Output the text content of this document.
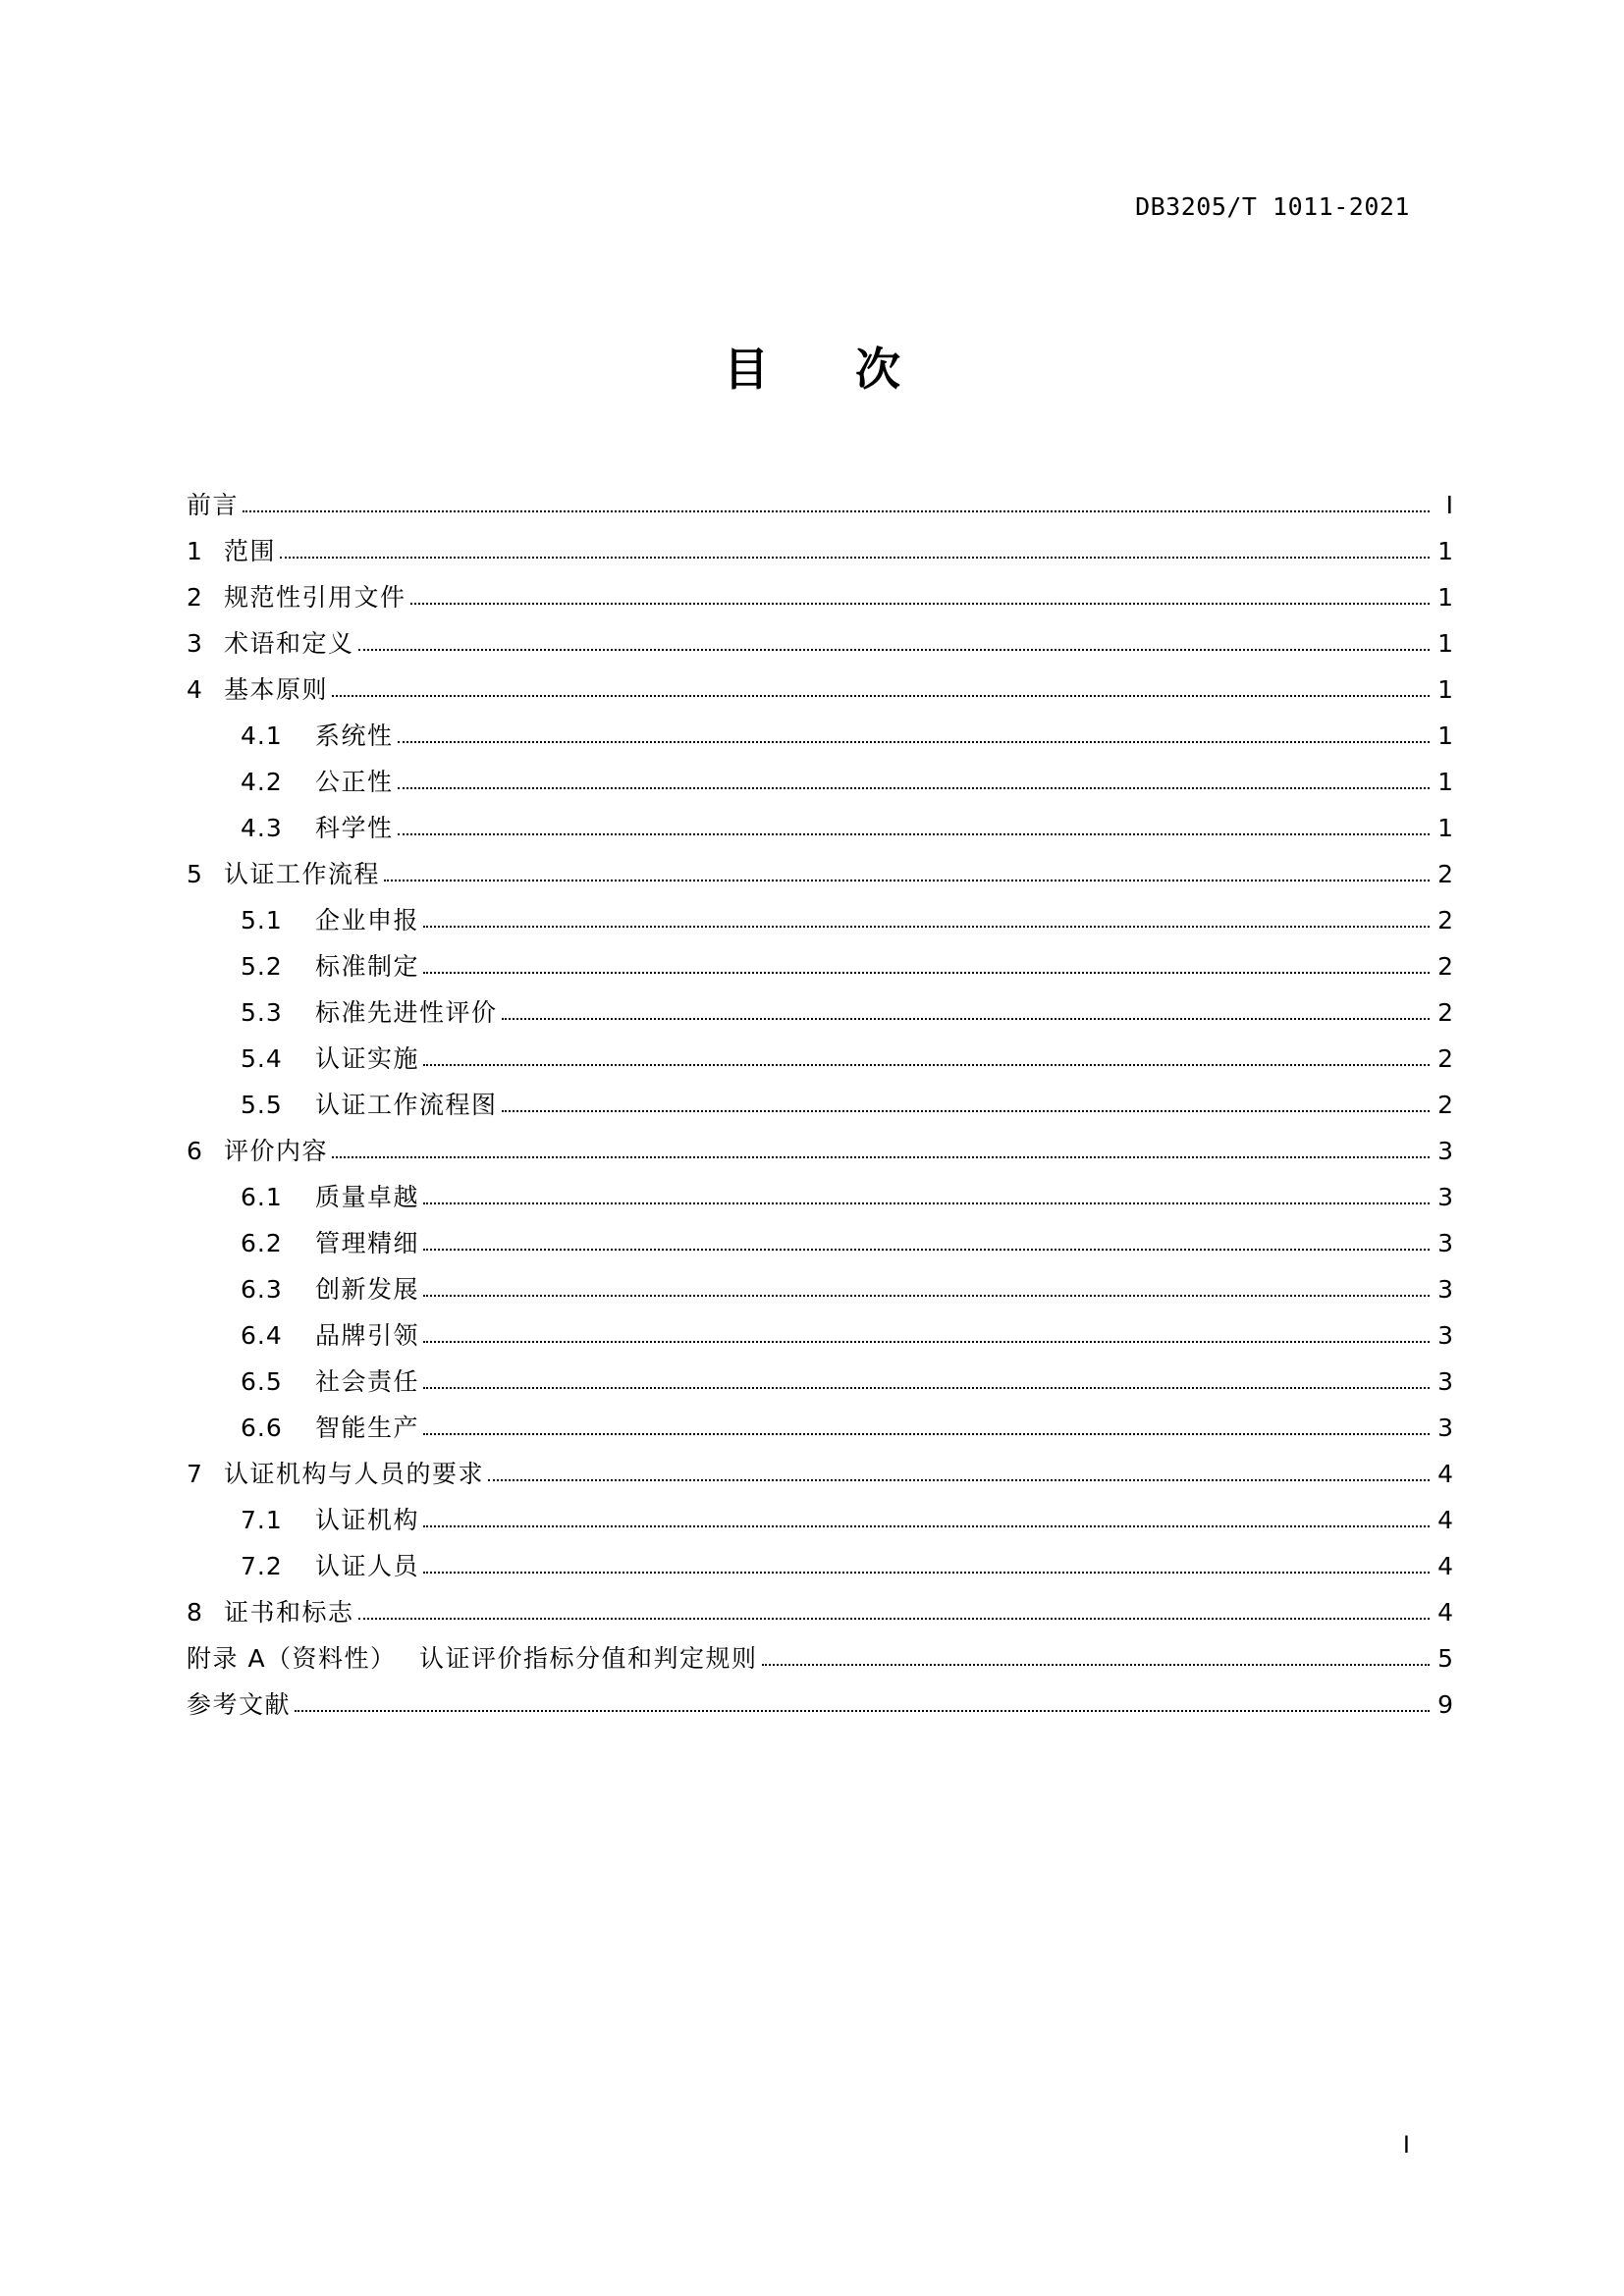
DB3205/T 1011-2021
目 次
前言	I
1 范围	1
2 规范性引用文件	1
3 术语和定义	1
4 基本原则	1
4.1	系统性	1
4.2	公正性	1
4.3	科学性	1
5 认证工作流程	2
5.1	企业申报	2
5.2	标准制定	2
5.3	标准先进性评价	2
5.4	认证实施	2
5.5	认证工作流程图	2
6 评价内容	3
6.1	质量卓越	3
6.2	管理精细	3
6.3	创新发展	3
6.4	品牌引领	3
6.5	社会责任	3
6.6	智能生产	3
7 认证机构与人员的要求	4
7.1	认证机构	4
7.2	认证人员	4
8 证书和标志	4
附录 A（资料性）　 认证评价指标分值和判定规则	5
参考文献	9
I
